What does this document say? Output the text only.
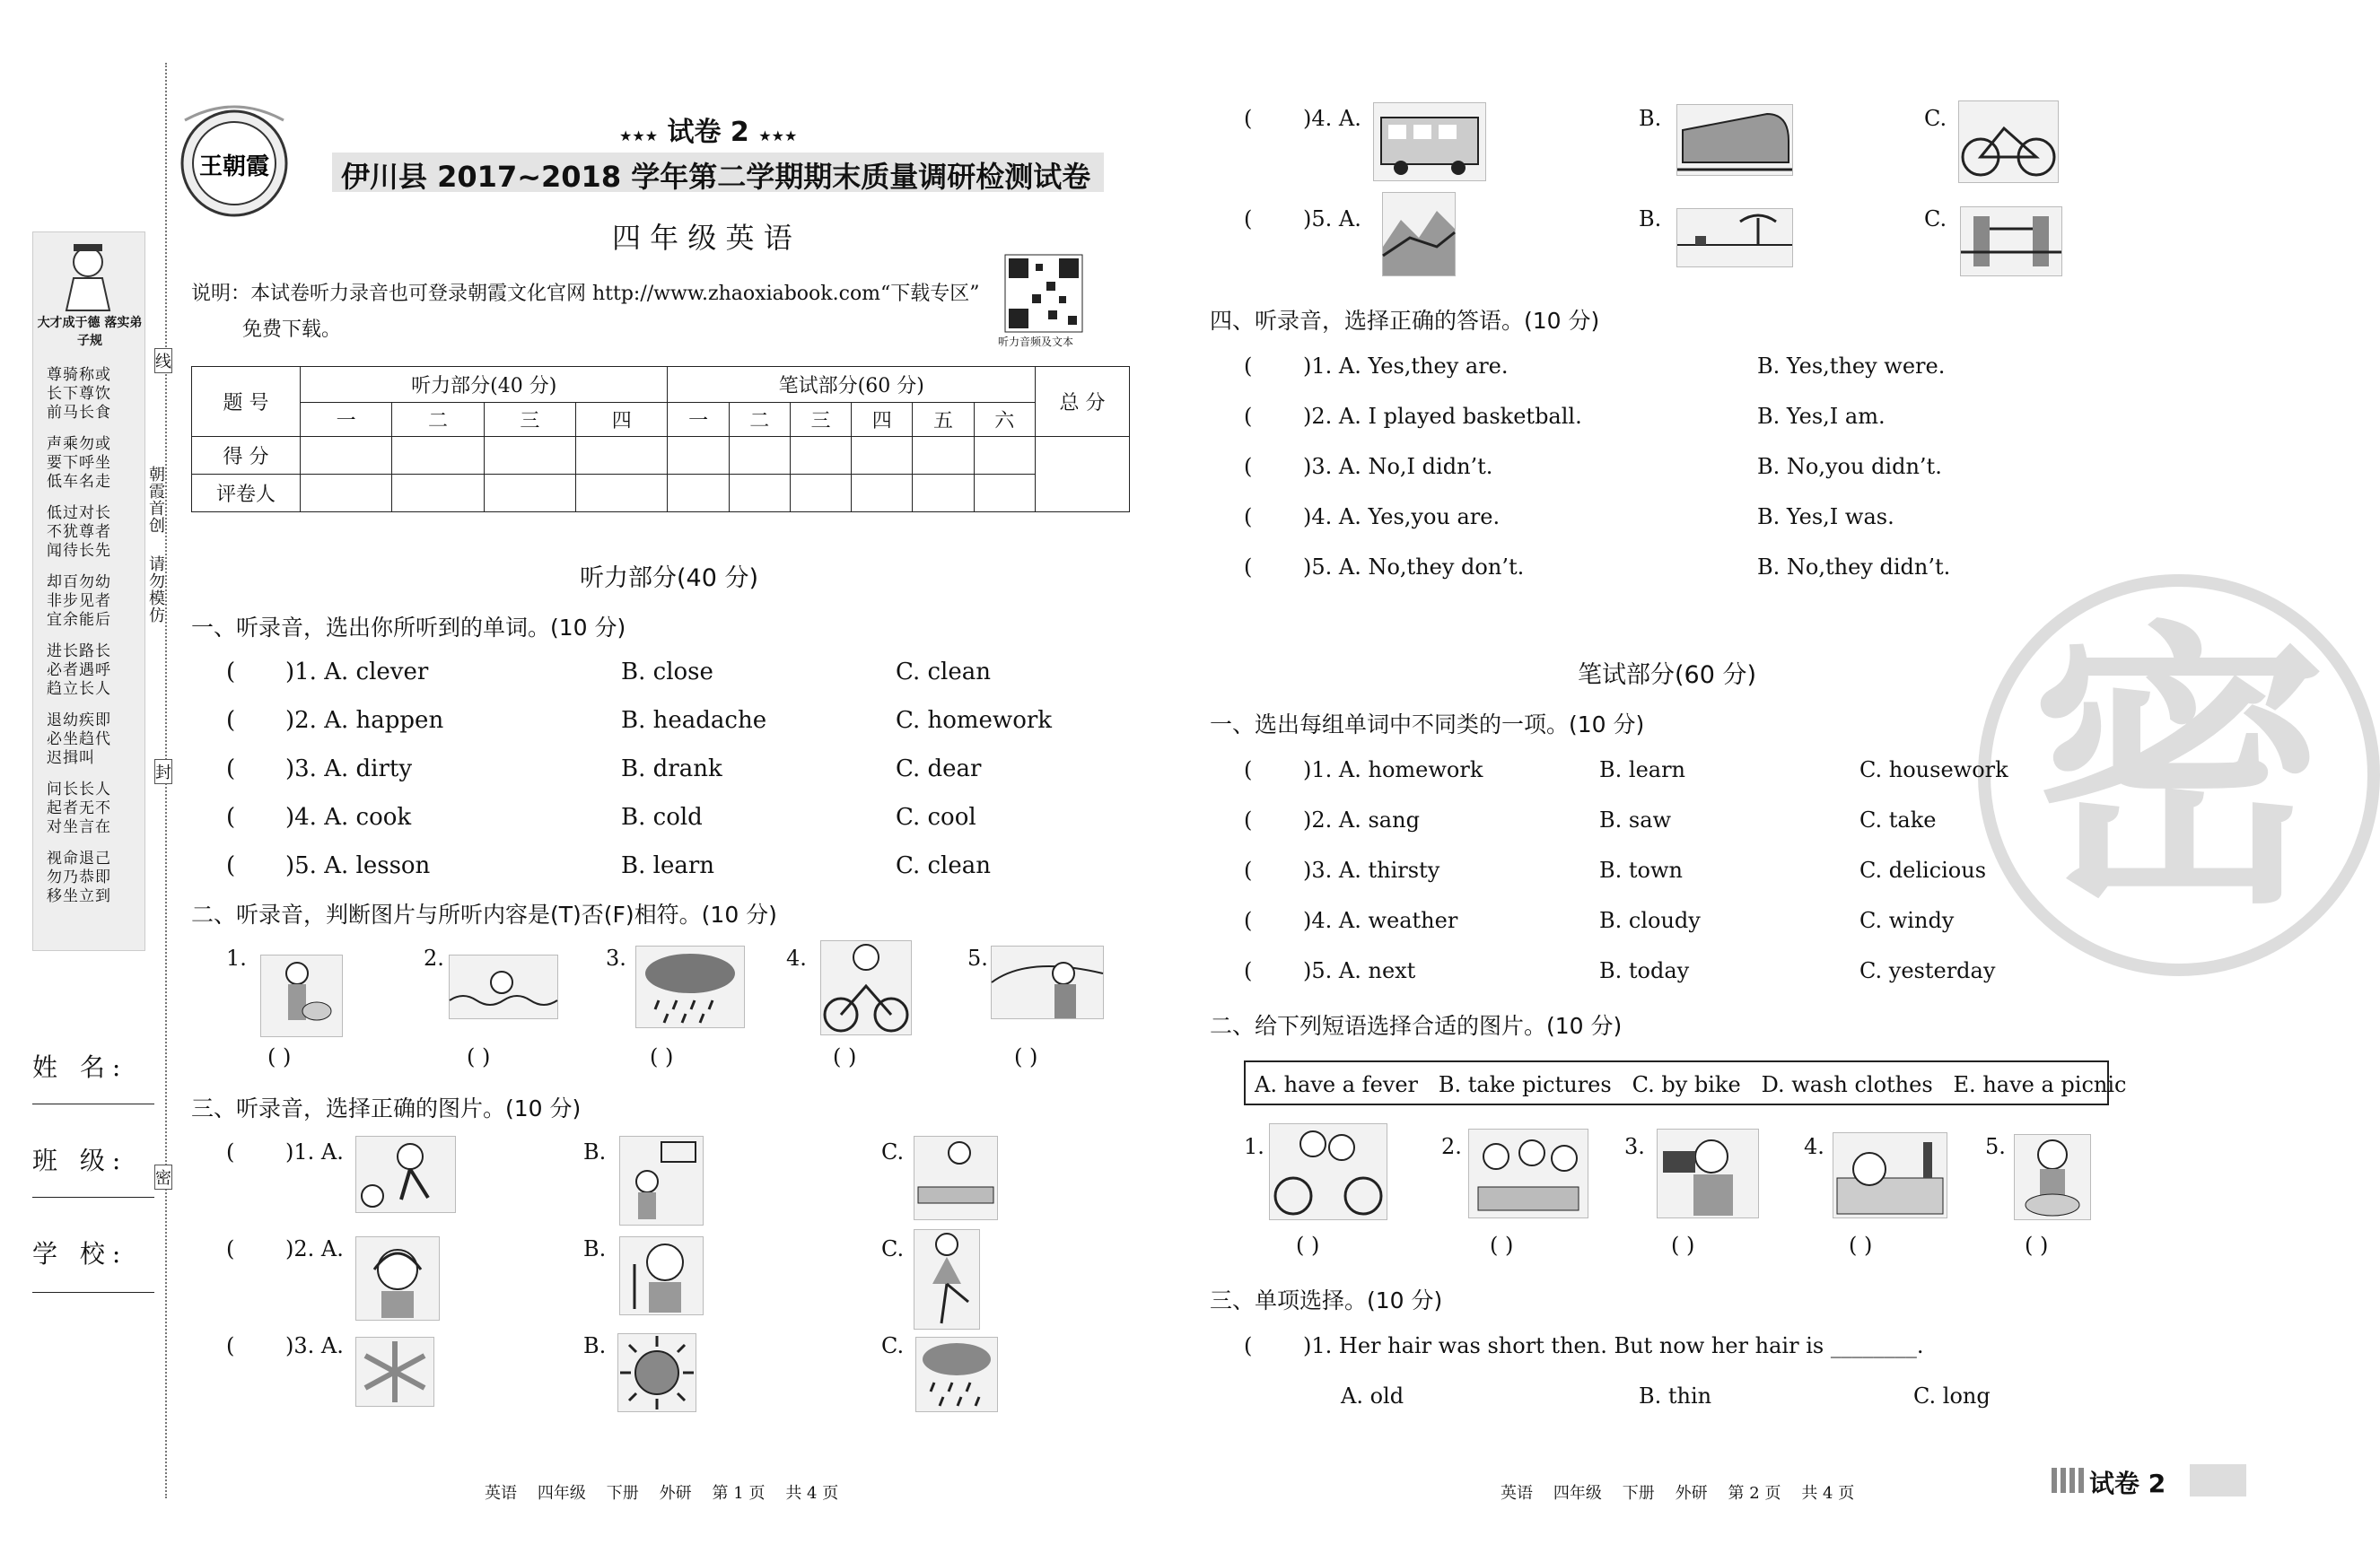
大才成于德 落实弟子规
尊骑称或
长下尊饮
前马长食
声乘勿或
要下呼坐
低车名走
低过对长
不犹尊者
闻待长先
却百勿幼
非步见者
宜余能后
进长路长
必者遇呼
趋立长人
退幼疾即
必坐趋代
迟揖叫
问长长人
起者无不
对坐言在
视命退己
勿乃恭即
移坐立到
线
朝霞首创
请勿模仿
封
密
姓 名:
班 级:
学 校:
王朝霞
★★★ 试卷 2 ★★★
伊川县 2017~2018 学年第二学期期末质量调研检测试卷
四 年 级 英 语
说明：本试卷听力录音也可登录朝霞文化官网 http://www.zhaoxiabook.com“下载专区”
免费下载。
听力音频及文本
题 号	听力部分(40 分)				笔试部分(60 分)						总 分
	一	二	三	四	一	二	三	四	五	六	
得 分											
评卷人											
听力部分(40 分)
一、听录音，选出你所听到的单词。(10 分)
( )1. A. clever	B. close	C. clean
( )2. A. happen	B. headache	C. homework
( )3. A. dirty	B. drank	C. dear
( )4. A. cook	B. cold	C. cool
( )5. A. lesson	B. learn	C. clean
二、听录音，判断图片与所听内容是(T)否(F)相符。(10 分)
1.
( )
2.
( )
3.
( )
4.
( )
5.
( )
三、听录音，选择正确的图片。(10 分)
( )1. A.	B.	C.
( )2. A.	B.	C.
( )3. A.	B.	C.
英语    四年级    下册    外研    第 1 页    共 4 页
( )4. A.	B.	C.
( )5. A.	B.	C.
四、听录音，选择正确的答语。(10 分)
( )1. A. Yes,they are.	B. Yes,they were.
( )2. A. I played basketball.	B. Yes,I am.
( )3. A. No,I didn’t.	B. No,you didn’t.
( )4. A. Yes,you are.	B. Yes,I was.
( )5. A. No,they don’t.	B. No,they didn’t.
密
笔试部分(60 分)
一、选出每组单词中不同类的一项。(10 分)
( )1. A. homework	B. learn	C. housework
( )2. A. sang	B. saw	C. take
( )3. A. thirsty	B. town	C. delicious
( )4. A. weather	B. cloudy	C. windy
( )5. A. next	B. today	C. yesterday
二、给下列短语选择合适的图片。(10 分)
A. have a fever   B. take pictures   C. by bike   D. wash clothes   E. have a picnic
1.
( )
2.
( )
3.
( )
4.
( )
5.
( )
三、单项选择。(10 分)
( )1. Her hair was short then. But now her hair is ________.
A. old	B. thin	C. long
英语    四年级    下册    外研    第 2 页    共 4 页	试卷 2
